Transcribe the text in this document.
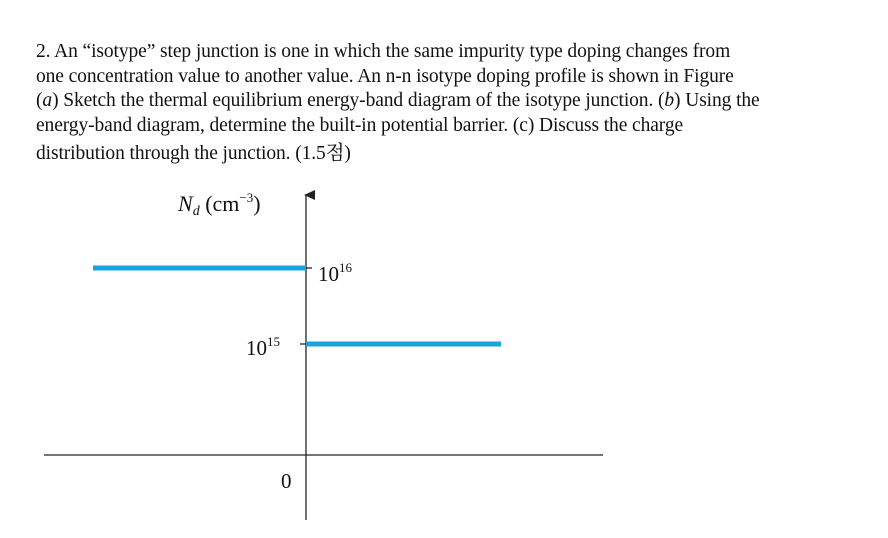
2. An “isotype” step junction is one in which the same impurity type doping changes from
one concentration value to another value. An n-n isotype doping profile is shown in Figure
(a) Sketch the thermal equilibrium energy-band diagram of the isotype junction. (b) Using the
energy-band diagram, determine the built-in potential barrier. (c) Discuss the charge
distribution through the junction. (1.5점)
$N_d$ $(cm^{-3})$
$10^{16}$
$10^{15}$
0
